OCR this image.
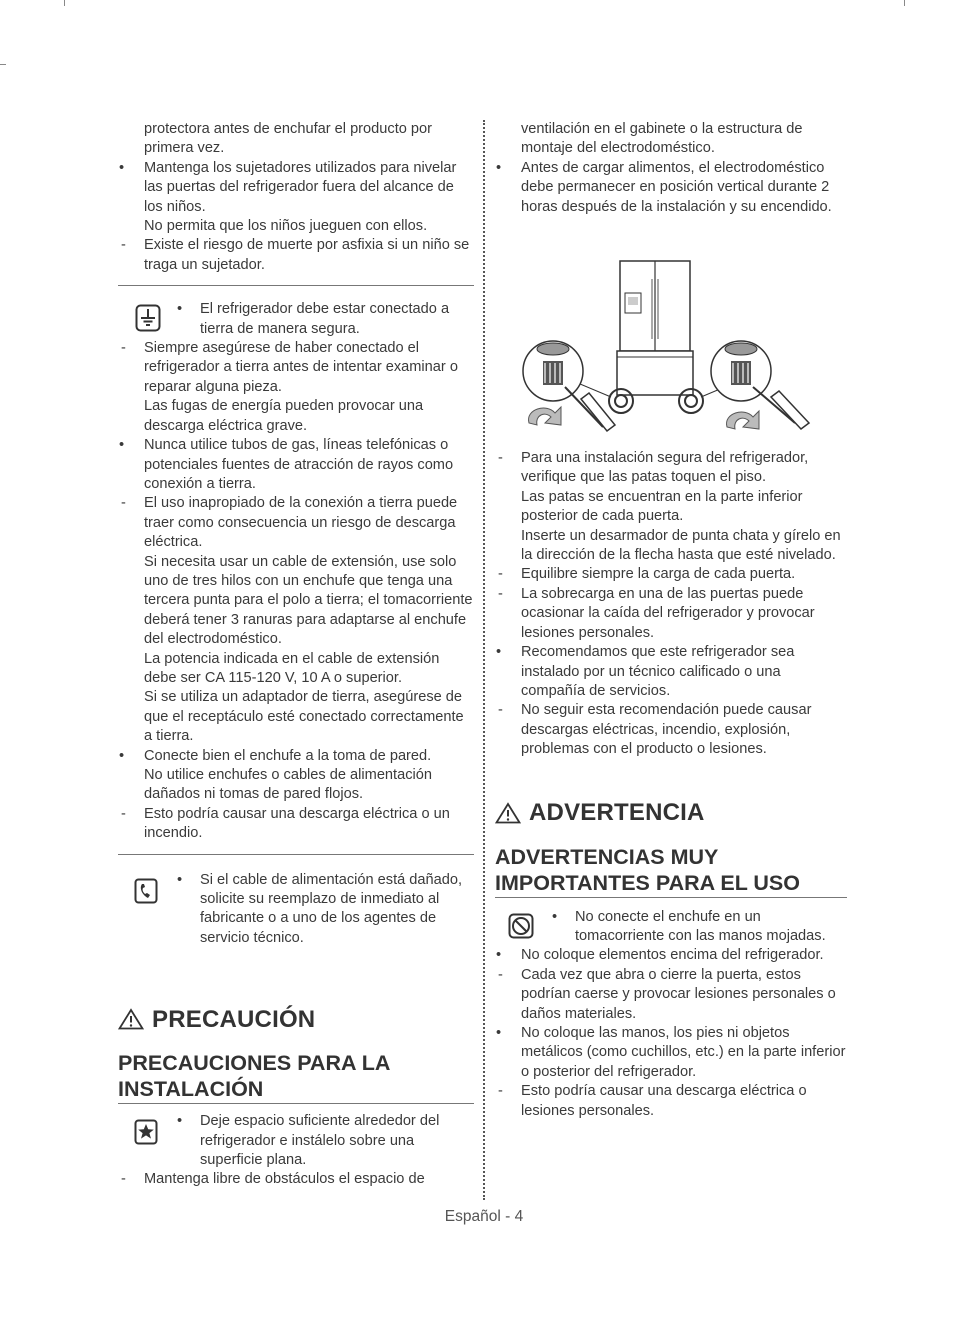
protectora antes de enchufar el producto por primera vez.

• Mantenga los sujetadores utilizados para nivelar las puertas del refrigerador fuera del alcance de los niños.

No permita que los niños jueguen con ellos.

- Existe el riesgo de muerte por asfixia si un niño se traga un sujetador.

• El refrigerador debe estar conectado a tierra de manera segura.

- Siempre asegúrese de haber conectado el refrigerador a tierra antes de intentar examinar o reparar alguna pieza.

Las fugas de energía pueden provocar una descarga eléctrica grave.

• Nunca utilice tubos de gas, líneas telefónicas o potenciales fuentes de atracción de rayos como conexión a tierra.

- El uso inapropiado de la conexión a tierra puede traer como consecuencia un riesgo de descarga eléctrica.

Si necesita usar un cable de extensión, use solo uno de tres hilos con un enchufe que tenga una tercera punta para el polo a tierra; el tomacorriente deberá tener 3 ranuras para adaptarse al enchufe del electrodoméstico.

La potencia indicada en el cable de extensión debe ser CA 115-120 V, 10 A o superior.

Si se utiliza un adaptador de tierra, asegúrese de que el receptáculo esté conectado correctamente a tierra.

• Conecte bien el enchufe a la toma de pared.

No utilice enchufes o cables de alimentación dañados ni tomas de pared flojos.

- Esto podría causar una descarga eléctrica o un incendio.

• Si el cable de alimentación está dañado, solicite su reemplazo de inmediato al fabricante o a uno de los agentes de servicio técnico.

PRECAUCIÓN
PRECAUCIONES PARA LA INSTALACIÓN

• Deje espacio suficiente alrededor del refrigerador e instálelo sobre una superficie plana.

- Mantenga libre de obstáculos el espacio de

ventilación en el gabinete o la estructura de montaje del electrodoméstico.

• Antes de cargar alimentos, el electrodoméstico debe permanecer en posición vertical durante 2 horas después de la instalación y su encendido.

- Para una instalación segura del refrigerador, verifique que las patas toquen el piso.

Las patas se encuentran en la parte inferior posterior de cada puerta.

Inserte un desarmador de punta chata y gírelo en la dirección de la flecha hasta que esté nivelado.

- Equilibre siempre la carga de cada puerta.

- La sobrecarga en una de las puertas puede ocasionar la caída del refrigerador y provocar lesiones personales.

• Recomendamos que este refrigerador sea instalado por un técnico calificado o una compañía de servicios.

- No seguir esta recomendación puede causar descargas eléctricas, incendio, explosión, problemas con el producto o lesiones.

ADVERTENCIA
ADVERTENCIAS MUY IMPORTANTES PARA EL USO

• No conecte el enchufe en un tomacorriente con las manos mojadas.

• No coloque elementos encima del refrigerador.

- Cada vez que abra o cierre la puerta, estos podrían caerse y provocar lesiones personales o daños materiales.

• No coloque las manos, los pies ni objetos metálicos (como cuchillos, etc.) en la parte inferior o posterior del refrigerador.

- Esto podría causar una descarga eléctrica o lesiones personales.

Español - 4
